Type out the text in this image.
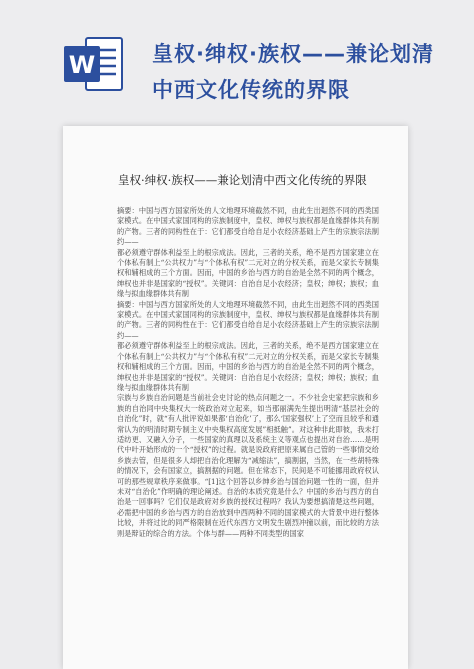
W	皇权·绅权·族权——兼论划清中西文化传统的界限

皇权·绅权·族权——兼论划清中西文化传统的界限

摘要：中国与西方国家所处的人文地理环境截然不同，由此生出迥然不同的西类国家模式。在中国式家国同构的宗族制度中，皇权、绅权与族权都是血缘群体共有制的产物。三者的同构性在于：它们都受自给自足小农经济基础上产生的宗族宗法制约——

都必须遵守群体利益至上的根宗成法。因此，三者的关系，绝不是西方国家建立在个体私有制上“公共权力”与“个体私有权”二元对立的分权关系，而是父家长专制集权和辅相成的三个方面。因而，中国的乡治与西方的自治是全然不同的两个概念，绅权也并非是国家的“授权”。关键词：自治自足小农经济；皇权；绅权；族权；血缘与拟血缘群体共有制

摘要：中国与西方国家所处的人文地理环境截然不同，由此生出迥然不同的西类国家模式。在中国式家国同构的宗族制度中，皇权、绅权与族权都是血缘群体共有制的产物。三者的同构性在于：它们都受自给自足小农经济基础上产生的宗族宗法制约——

都必须遵守群体利益至上的根宗成法。因此，三者的关系，绝不是西方国家建立在个体私有制上“公共权力”与“个体私有权”二元对立的分权关系，而是父家长专制集权和辅相成的三个方面。因而，中国的乡治与西方的自治是全然不同的两个概念，绅权也并非是国家的“授权”。关键词：自治自足小农经济；皇权；绅权；族权；血缘与拟血缘群体共有制

宗族与乡族自治问题是当前社会史讨论的热点问题之一。不少社会史家把宗族和乡族的自治同中央集权大一统政治对立起来，如当那丽满先生提出明清“基层社会的自治化”时，就“有人批评说如果都‘自治化’了，那么‘国家强权’上了空而且较乎和通常认为的明清时期专制主义中央集权高度发展”相抵触”。对这种非此即彼，我未打适纺更、又融入分子，一些国家的真理以及系统主义等观点也提出对自治……是明代中叶开始形成的一个“授权”的过程。就是说政府把原来属自己管的一些事情交给乡族去管，但是很多人却把自治化理解为“减缩法”，搞割据，当然，在一些胡特殊的情况下，会有国家立，搞割据的问题。但在常态下，民间是不可能挪用政府权认可的那些规章秩序来做事。“[1]这个回答以乡绅乡治与国治问题一性的一面，但并未对“自治化”作明确的理论阐述。自治的本质究竟是什么？中国的乡治与西方的自治是一回事吗？它们仅是政府对乡族的授权过程吗？我认为要想搞清楚这些问题，必需把中国的乡治与西方的自治放到中西两种不同的国家模式的大背景中进行整体比较，并将过比的同严格限制在近代东西方文明发生剧烈冲撞以前，而比较的方法则是辩证的综合的方法。个体与群——两种不同类型的国家
